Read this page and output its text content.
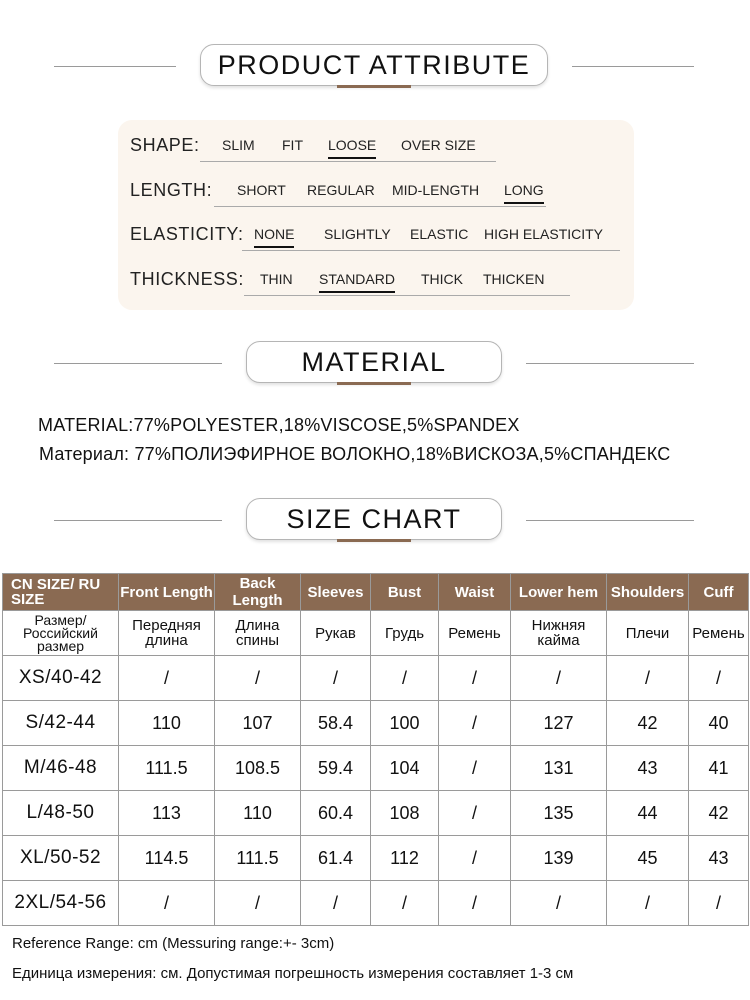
PRODUCT ATTRIBUTE
SHAPE: SLIM FIT LOOSE OVER SIZE
LENGTH: SHORT REGULAR MID-LENGTH LONG
ELASTICITY: NONE SLIGHTLY ELASTIC HIGH ELASTICITY
THICKNESS: THIN STANDARD THICK THICKEN
MATERIAL
MATERIAL:77%POLYESTER,18%VISCOSE,5%SPANDEX
Материал: 77%ПОЛИЭФИРНОЕ ВОЛОКНО,18%ВИСКОЗА,5%СПАНДЕКС
SIZE CHART
CN SIZE/ RU SIZE	Front Length	Back Length	Sleeves	Bust	Waist	Lower hem	Shoulders	Cuff
Размер/ Российский размер	Передняя длина	Длина спины	Рукав	Грудь	Ремень	Нижняя кайма	Плечи	Ремень
XS/40-42	/	/	/	/	/	/	/	/
S/42-44	110	107	58.4	100	/	127	42	40
M/46-48	111.5	108.5	59.4	104	/	131	43	41
L/48-50	113	110	60.4	108	/	135	44	42
XL/50-52	114.5	111.5	61.4	112	/	139	45	43
2XL/54-56	/	/	/	/	/	/	/	/
Reference Range: cm (Messuring range:+- 3cm)
Единица измерения: см. Допустимая погрешность измерения составляет 1-3 см
